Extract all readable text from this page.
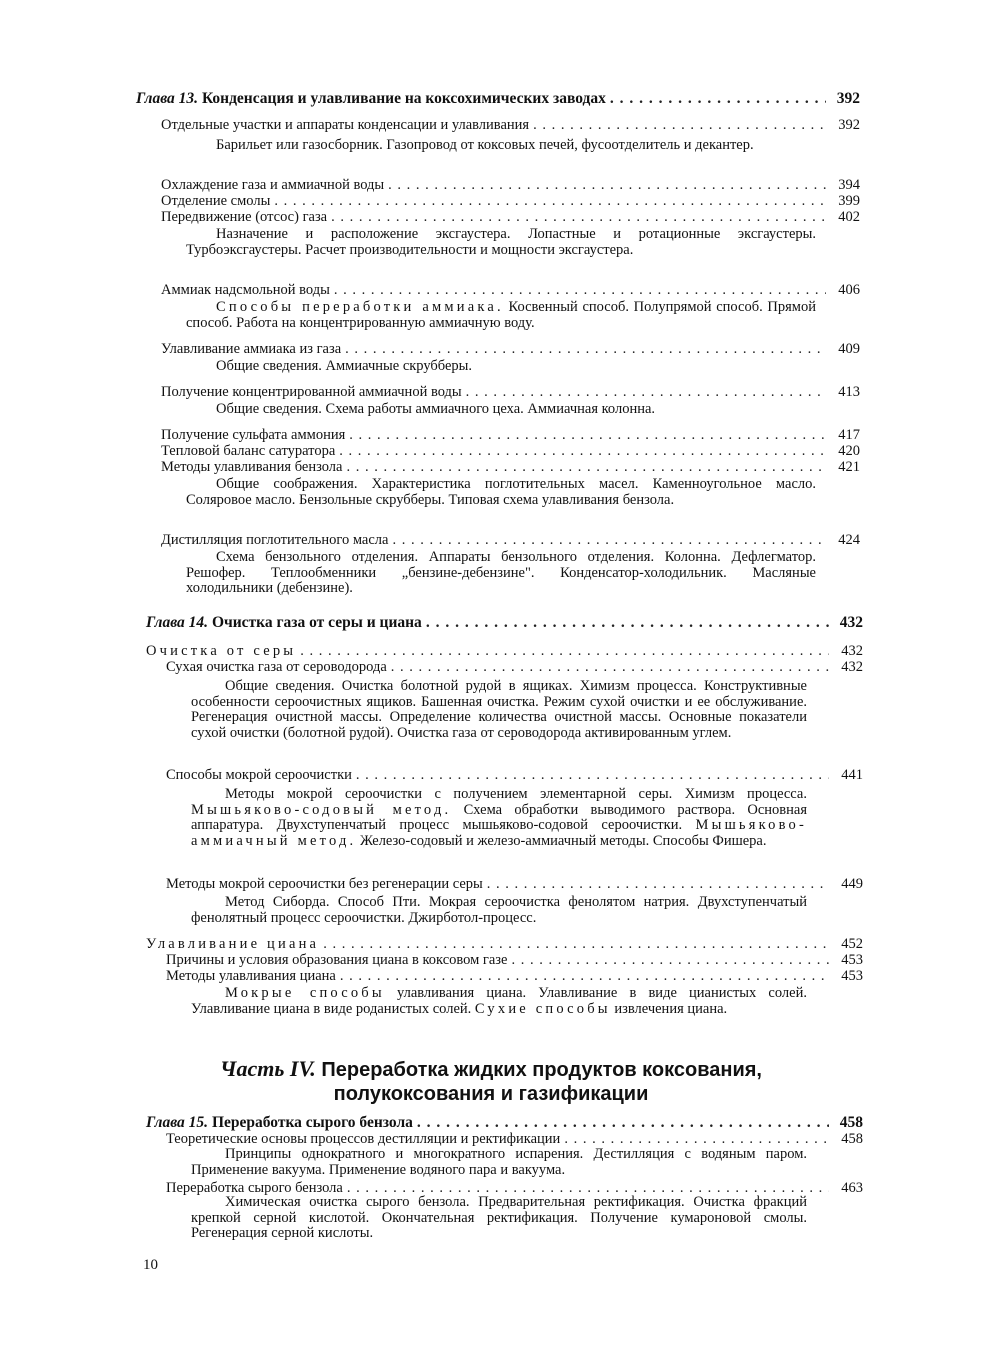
Глава 13. Конденсация и улавливание на коксохимических заводах . . .	392
Отдельные участки и аппараты конденсации и улавливания . . .	392
Барильет или газосборник. Газопровод от коксовых печей, фусоотделитель и декантер.
Охлаждение газа и аммиачной воды . . .	394
Отделение смолы . . .	399
Передвижение (отсос) газа . . .	402
Назначение и расположение эксгаустера. Лопастные и ротационные эксгаустеры. Турбоэксгаустеры. Расчет производительности и мощности эксгаустера.
Аммиак надсмольной воды . . .	406
Способы переработки аммиака. Косвенный способ. Полупрямой способ. Прямой способ. Работа на концентрированную аммиачную воду.
Улавливание аммиака из газа . . .	409
Общие сведения. Аммиачные скрубберы.
Получение концентрированной аммиачной воды . . .	413
Общие сведения. Схема работы аммиачного цеха. Аммиачная колонна.
Получение сульфата аммония . . .	417
Тепловой баланс сатуратора . . .	420
Методы улавливания бензола . . .	421
Общие соображения. Характеристика поглотительных масел. Каменноугольное масло. Соляровое масло. Бензольные скрубберы. Типовая схема улавливания бензола.
Дистилляция поглотительного масла . . .	424
Схема бензольного отделения. Аппараты бензольного отделения. Колонна. Дефлегматор. Решофер. Теплообменники „бензине-дебензине". Конденсатор-холодильник. Масляные холодильники (дебензине).
Глава 14. Очистка газа от серы и циана . . .	432
Очистка от серы . . .	432
Сухая очистка газа от сероводорода . . .	432
Общие сведения. Очистка болотной рудой в ящиках. Химизм процесса. Конструктивные особенности сероочистных ящиков. Башенная очистка. Режим сухой очистки и ее обслуживание. Регенерация очистной массы. Определение количества очистной массы. Основные показатели сухой очистки (болотной рудой). Очистка газа от сероводорода активированным углем.
Способы мокрой сероочистки . . .	441
Методы мокрой сероочистки с получением элементарной серы. Химизм процесса. Мышьяково-содовый метод. Схема обработки выводимого раствора. Основная аппаратура. Двухступенчатый процесс мышьяково-содовой сероочистки. Мышьяково-аммиачный метод. Железо-содовый и железо-аммиачный методы. Способы Фишера.
Методы мокрой сероочистки без регенерации серы . . .	449
Метод Сиборда. Способ Пти. Мокрая сероочистка фенолятом натрия. Двухступенчатый фенолятный процесс сероочистки. Джирботол-процесс.
Улавливание циана . . .	452
Причины и условия образования циана в коксовом газе . . .	453
Методы улавливания циана . . .	453
Мокрые способы улавливания циана. Улавливание в виде цианистых солей. Улавливание циана в виде роданистых солей. Сухие способы извлечения циана.
Часть IV. Переработка жидких продуктов коксования, полукоксования и газификации
Глава 15. Переработка сырого бензола . . .	458
Теоретические основы процессов дестилляции и ректификации . . .	458
Принципы однократного и многократного испарения. Дестилляция с водяным паром. Применение вакуума. Применение водяного пара и вакуума.
Переработка сырого бензола . . .	463
Химическая очистка сырого бензола. Предварительная ректификация. Очистка фракций крепкой серной кислотой. Окончательная ректификация. Получение кумароновой смолы. Регенерация серной кислоты.
10
